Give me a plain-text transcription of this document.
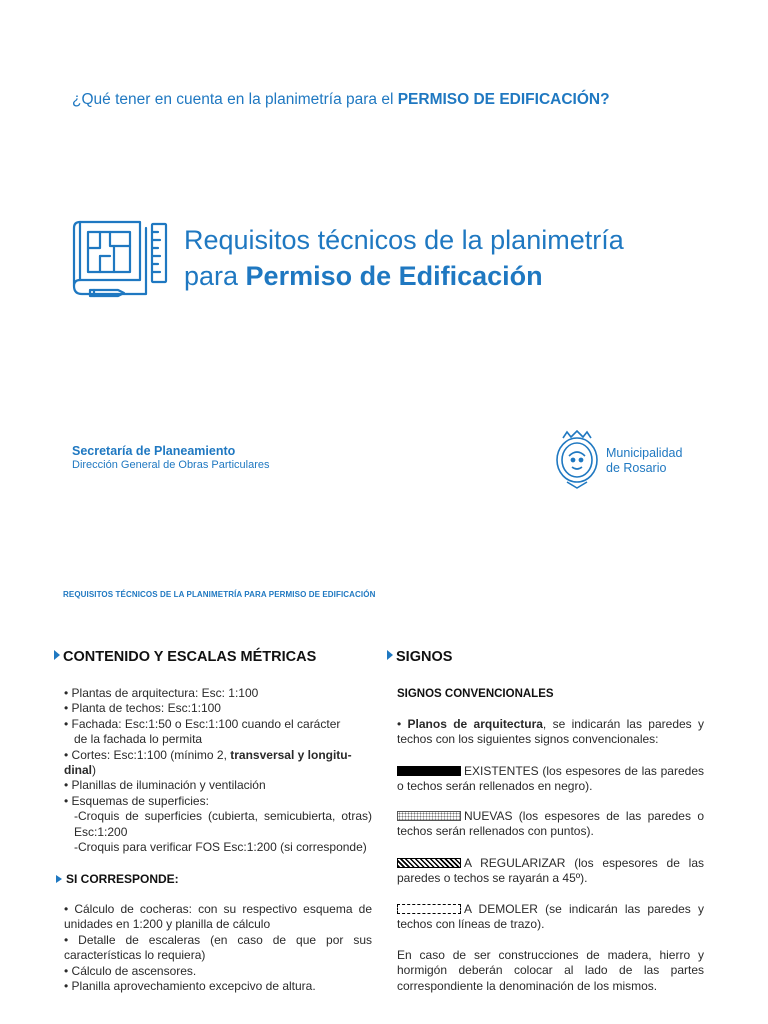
¿Qué tener en cuenta en la planimetría para el PERMISO DE EDIFICACIÓN?
Requisitos técnicos de la planimetría
para Permiso de Edificación
Secretaría de Planeamiento
Dirección General de Obras Particulares
Municipalidad
de Rosario
REQUISITOS TÉCNICOS DE LA PLANIMETRÍA PARA PERMISO DE EDIFICACIÓN
CONTENIDO Y ESCALAS MÉTRICAS

• Plantas de arquitectura: Esc: 1:100

• Planta de techos: Esc:1:100

• Fachada: Esc:1:50 o Esc:1:100 cuando el carácter

de la fachada lo permita

• Cortes: Esc:1:100 (mínimo 2, transversal y longitu-
dinal)

• Planillas de iluminación y ventilación

• Esquemas de superficies:

-Croquis de superficies (cubierta, semicubierta, otras) Esc:1:200

-Croquis para verificar FOS Esc:1:200 (si corresponde)

SI CORRESPONDE:

• Cálculo de cocheras: con su respectivo esquema de unidades en 1:200 y planilla de cálculo

• Detalle de escaleras (en caso de que por sus características lo requiera)

• Cálculo de ascensores.

• Planilla aprovechamiento excepcivo de altura.

SIGNOS
SIGNOS CONVENCIONALES
• Planos de arquitectura, se indicarán las paredes y techos con los siguientes signos convencionales:
EXISTENTES (los espesores de las paredes o techos serán rellenados en negro).
NUEVAS (los espesores de las paredes o techos serán rellenados con puntos).
A REGULARIZAR (los espesores de las paredes o techos se rayarán a 45º).
A DEMOLER (se indicarán las paredes y techos con líneas de trazo).
En caso de ser construcciones de madera, hierro y hormigón deberán colocar al lado de las partes correspondiente la denominación de los mismos.
